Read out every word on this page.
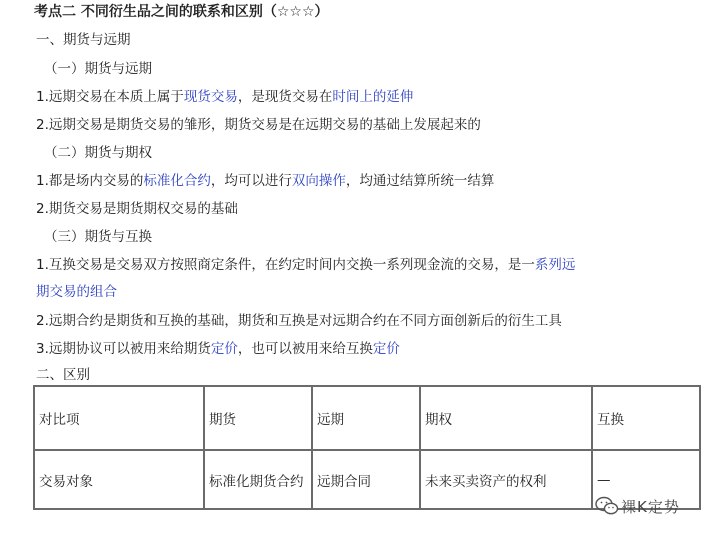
考点二 不同衍生品之间的联系和区别（☆☆☆）
一、期货与远期
（一）期货与远期
1.远期交易在本质上属于现货交易，是现货交易在时间上的延伸
2.远期交易是期货交易的雏形，期货交易是在远期交易的基础上发展起来的
（二）期货与期权
1.都是场内交易的标准化合约，均可以进行双向操作，均通过结算所统一结算
2.期货交易是期货期权交易的基础
（三）期货与互换
1.互换交易是交易双方按照商定条件，在约定时间内交换一系列现金流的交易，是一系列远
期交易的组合
2.远期合约是期货和互换的基础，期货和互换是对远期合约在不同方面创新后的衍生工具
3.远期协议可以被用来给期货定价，也可以被用来给互换定价
二、区别
对比项	期货	远期	期权	互换
交易对象	标准化期货合约	远期合同	未来买卖资产的权利	—
裸K定势
